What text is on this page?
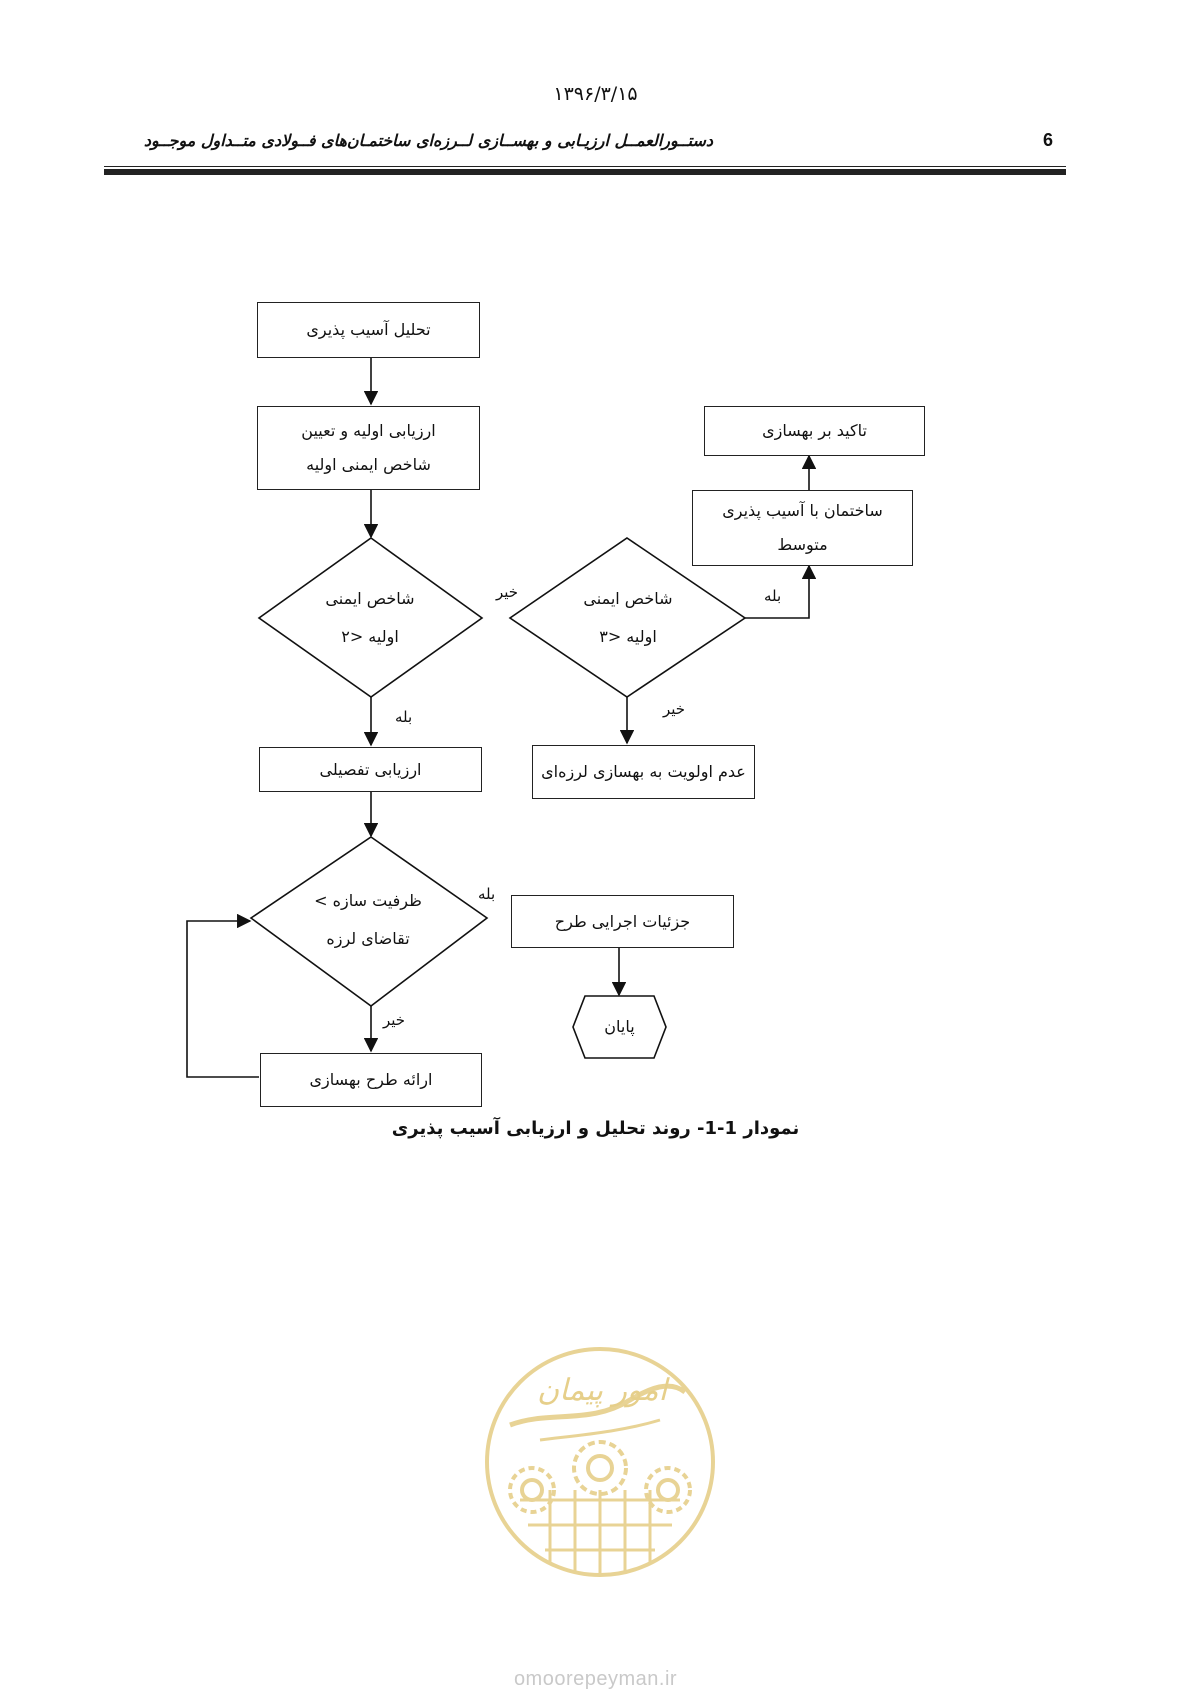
۱۳۹۶/۳/۱۵
6
دستــورالعمــل ارزیـابی و بهســازی لــرزه‌ای ساختمـان‌های فــولادی متــداول موجــود
تحلیل آسیب پذیری
ارزیابی اولیه و تعیین
شاخص ایمنی اولیه
تاکید بر بهسازی
ساختمان با آسیب پذیری
متوسط
عدم اولویت به بهسازی لرزه‌ای
ارزیابی تفصیلی
جزئیات اجرایی طرح
ارائه طرح بهسازی
شاخص ایمنی
اولیه <۲
شاخص ایمنی
اولیه <۳
ظرفیت سازه >
تقاضای لرزه
پایان
خیر	بله
بله	خیر
بله
خیر
نمودار 1-1- روند تحلیل و ارزیابی آسیب پذیری
امور پیمان
omoorepeyman.ir
